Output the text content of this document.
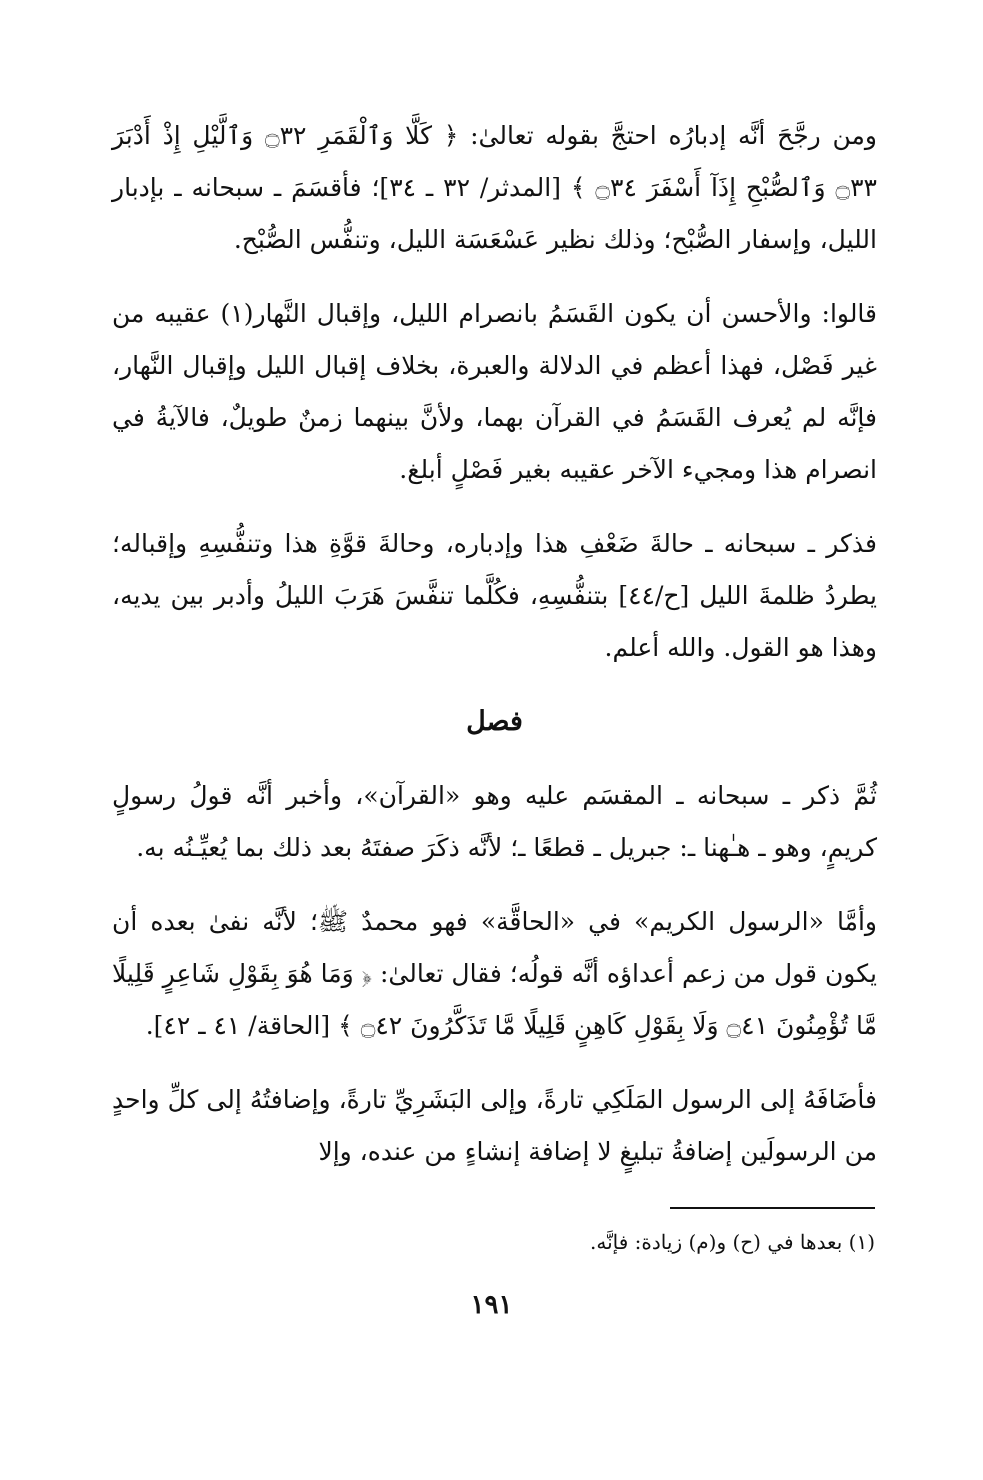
ومن رجَّحَ أنَّه إدبارُه احتجَّ بقوله تعالىٰ: ﴿ كَلَّا وَٱلْقَمَرِ ۝٣٢ وَٱلَّيْلِ إِذْ أَدْبَرَ ۝٣٣ وَٱلصُّبْحِ إِذَآ أَسْفَرَ ۝٣٤ ﴾ [المدثر/ ٣٢ ـ ٣٤]؛ فأقسَمَ ـ سبحانه ـ بإدبار الليل، وإسفار الصُّبْح؛ وذلك نظير عَسْعَسَة الليل، وتنفُّس الصُّبْح.

قالوا: والأحسن أن يكون القَسَمُ بانصرام الليل، وإقبال النَّهار(١) عقيبه من غير فَصْل، فهذا أعظم في الدلالة والعبرة، بخلاف إقبال الليل وإقبال النَّهار، فإنَّه لم يُعرف القَسَمُ في القرآن بهما، ولأنَّ بينهما زمنٌ طويلٌ، فالآيةُ في انصرام هذا ومجيء الآخر عقيبه بغير فَصْلٍ أبلغ.

فذكر ـ سبحانه ـ حالةَ ضَعْفِ هذا وإدباره، وحالةَ قوَّةِ هذا وتنفُّسِهِ وإقباله؛ يطردُ ظلمةَ الليل [ح/٤٤] بتنفُّسِهِ، فكُلَّما تنفَّسَ هَرَبَ الليلُ وأدبر بين يديه، وهذا هو القول. والله أعلم.

فصل

ثُمَّ ذكر ـ سبحانه ـ المقسَم عليه وهو «القرآن»، وأخبر أنَّه قولُ رسولٍ كريمٍ، وهو ـ هـٰهنا ـ: جبريل ـ قطعًا ـ؛ لأنَّه ذكَرَ صفتَهُ بعد ذلك بما يُعيِّـنُه به.

وأمَّا «الرسول الكريم» في «الحاقَّة» فهو محمدٌ ﷺ؛ لأنَّه نفىٰ بعده أن يكون قول من زعم أعداؤه أنَّه قولُه؛ فقال تعالىٰ: ﴿ وَمَا هُوَ بِقَوْلِ شَاعِرٍ قَلِيلًا مَّا تُؤْمِنُونَ ۝٤١ وَلَا بِقَوْلِ كَاهِنٍ قَلِيلًا مَّا تَذَكَّرُونَ ۝٤٢ ﴾ [الحاقة/ ٤١ ـ ٤٢].

فأضَافَهُ إلى الرسول المَلَكِي تارةً، وإلى البَشَرِيِّ تارةً، وإضافتُهُ إلى كلِّ واحدٍ من الرسولَين إضافةُ تبليغٍ لا إضافة إنشاءٍ من عنده، وإلا

(١) بعدها في (ح) و(م) زيادة: فإنَّه.
١٩١
